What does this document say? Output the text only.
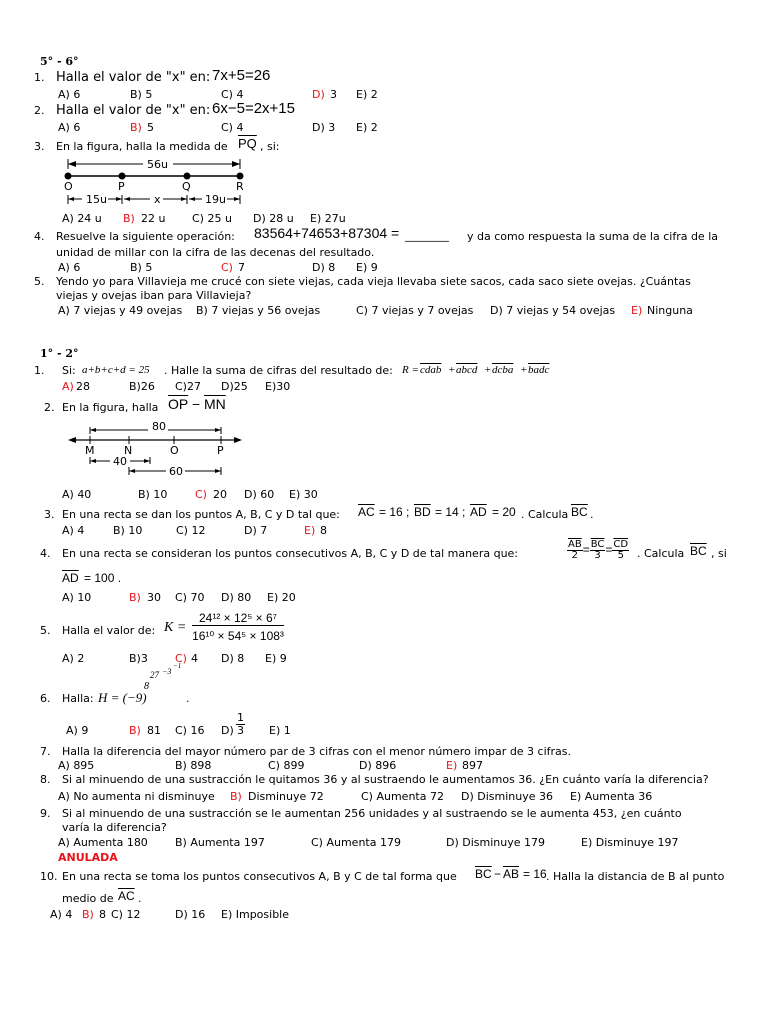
5° - 6°
1. Halla el valor de "x" en: 7x+5=26
A) 6	B) 5	C) 4	D) 3 E) 2
2. Halla el valor de "x" en: 6x−5=2x+15
A) 6	B) 5	C) 4	D) 3 E) 2
3. En la figura, halla la medida de $\overline{PQ}$ , si:
56u
O	P	Q	R
15u	x	19u
A) 24 u B) 22 u C) 25 u D) 28 u E) 27u
4. Resuelve la siguiente operación: 83564+74653+87304 = ________ y da como respuesta la suma de la cifra de la
unidad de millar con la cifra de las decenas del resultado.
A) 6	B) 5	C) 7	D) 8 E) 9
5. Yendo yo para Villavieja me crucé con siete viejas, cada vieja llevaba siete sacos, cada saco siete ovejas. ¿Cuántas
viejas y ovejas iban para Villavieja?
A) 7 viejas y 49 ovejas B) 7 viejas y 56 ovejas	C) 7 viejas y 7 ovejas D) 7 viejas y 54 ovejas E) Ninguna
1° - 2°
1. Si: a+b+c+d = 25 . Halle la suma de cifras del resultado de: R = cdab + abcd + dcba + badc
A) 28	B)26 C)27 D)25 E)30
2. En la figura, halla $\overline{OP} - \overline{MN}$
80
M	N	O	P
40
60
A) 40	B) 10	C) 20 D) 60 E) 30
3. En una recta se dan los puntos A, B, C y D tal que: $\overline{AC} = 16$ ; $\overline{BD} = 14$ ; $\overline{AD} = 20$ . Calcula $\overline{BC}$ .
A) 4	B) 10	C) 12	D) 7	E) 8
4. En una recta se consideran los puntos consecutivos A, B, C y D de tal manera que:	$\frac{\overline{AB}}{2} = \frac{\overline{BC}}{3} = \frac{\overline{CD}}{5}$ . Calcula $\overline{BC}$ , si
$\overline{AD} = 100$ .
A) 10	B) 30 C) 70 D) 80 E) 20
5. Halla el valor de: K =
24¹² × 12⁵ × 6⁷
16¹⁰ × 54⁵ × 108³
A) 2	B)3 C) 4 D) 8 E) 9
6. Halla: H = (−9)
8
27 −3
−1
.
A) 9	B) 81 C) 16 $D) \frac{1}{3} E$) 1
7. Halla la diferencia del mayor número par de 3 cifras con el menor número impar de 3 cifras.
A) 895	B) 898	C) 899	D) 896	E) 897
8. Si al minuendo de una sustracción le quitamos 36 y al sustraendo le aumentamos 36. ¿En cuánto varía la diferencia?
A) No aumenta ni disminuye B) Disminuye 72	C) Aumenta 72 D) Disminuye 36 E) Aumenta 36
9. Si al minuendo de una sustracción se le aumentan 256 unidades y al sustraendo se le aumenta 453, ¿en cuánto
varía la diferencia?
A) Aumenta 180 B) Aumenta 197	C) Aumenta 179	D) Disminuye 179	E) Disminuye 197
ANULADA
10. En una recta se toma los puntos consecutivos A, B y C de tal forma que $\overline{BC} - \overline{AB} = 16$ . Halla la distancia de B al punto
medio de $\overline{AC}$ .
A) 4 B) 8 C) 12	D) 16 E) Imposible
